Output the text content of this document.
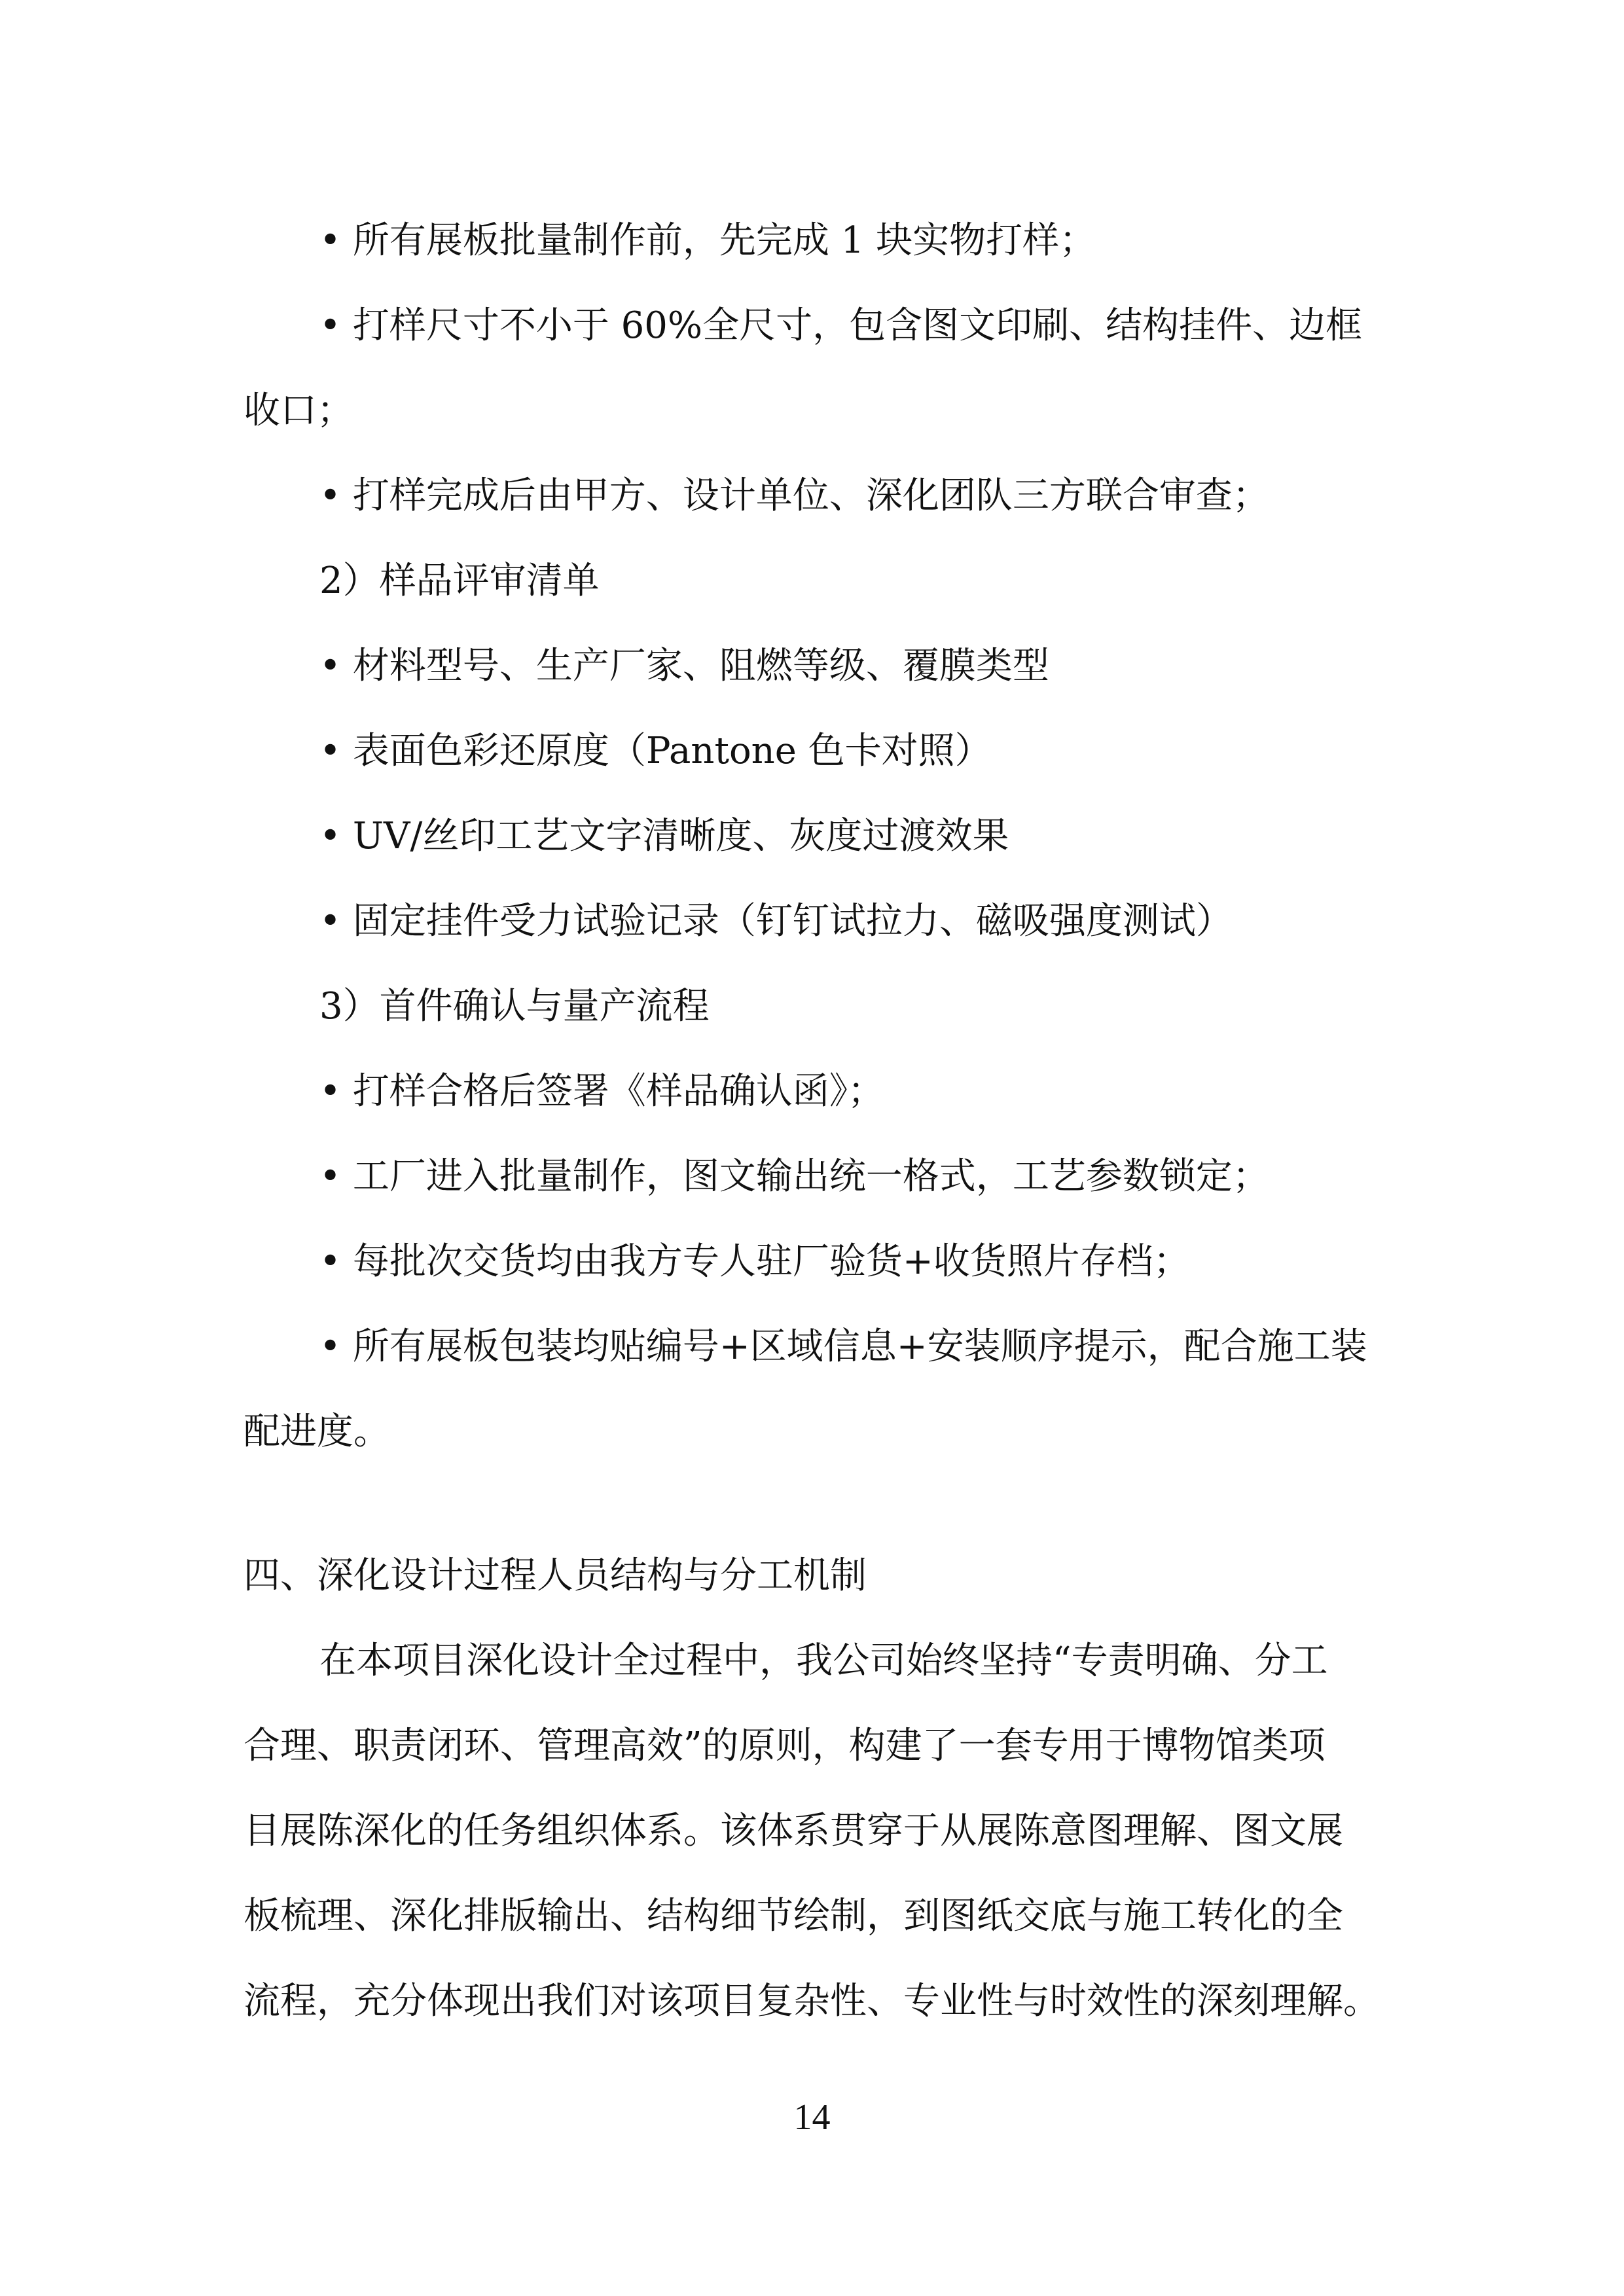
• 所有展板批量制作前，先完成 1 块实物打样；

• 打样尺寸不小于 60%全尺寸，包含图文印刷、结构挂件、边框

收口；

• 打样完成后由甲方、设计单位、深化团队三方联合审查；

2）样品评审清单

• 材料型号、生产厂家、阻燃等级、覆膜类型

• 表面色彩还原度（Pantone 色卡对照）

• UV/丝印工艺文字清晰度、灰度过渡效果

• 固定挂件受力试验记录（钉钉试拉力、磁吸强度测试）

3）首件确认与量产流程

• 打样合格后签署《样品确认函》；

• 工厂进入批量制作，图文输出统一格式，工艺参数锁定；

• 每批次交货均由我方专人驻厂验货+收货照片存档；

• 所有展板包装均贴编号+区域信息+安装顺序提示，配合施工装

配进度。

四、深化设计过程人员结构与分工机制

在本项目深化设计全过程中，我公司始终坚持“专责明确、分工

合理、职责闭环、管理高效”的原则，构建了一套专用于博物馆类项

目展陈深化的任务组织体系。该体系贯穿于从展陈意图理解、图文展

板梳理、深化排版输出、结构细节绘制，到图纸交底与施工转化的全

流程，充分体现出我们对该项目复杂性、专业性与时效性的深刻理解。

14
